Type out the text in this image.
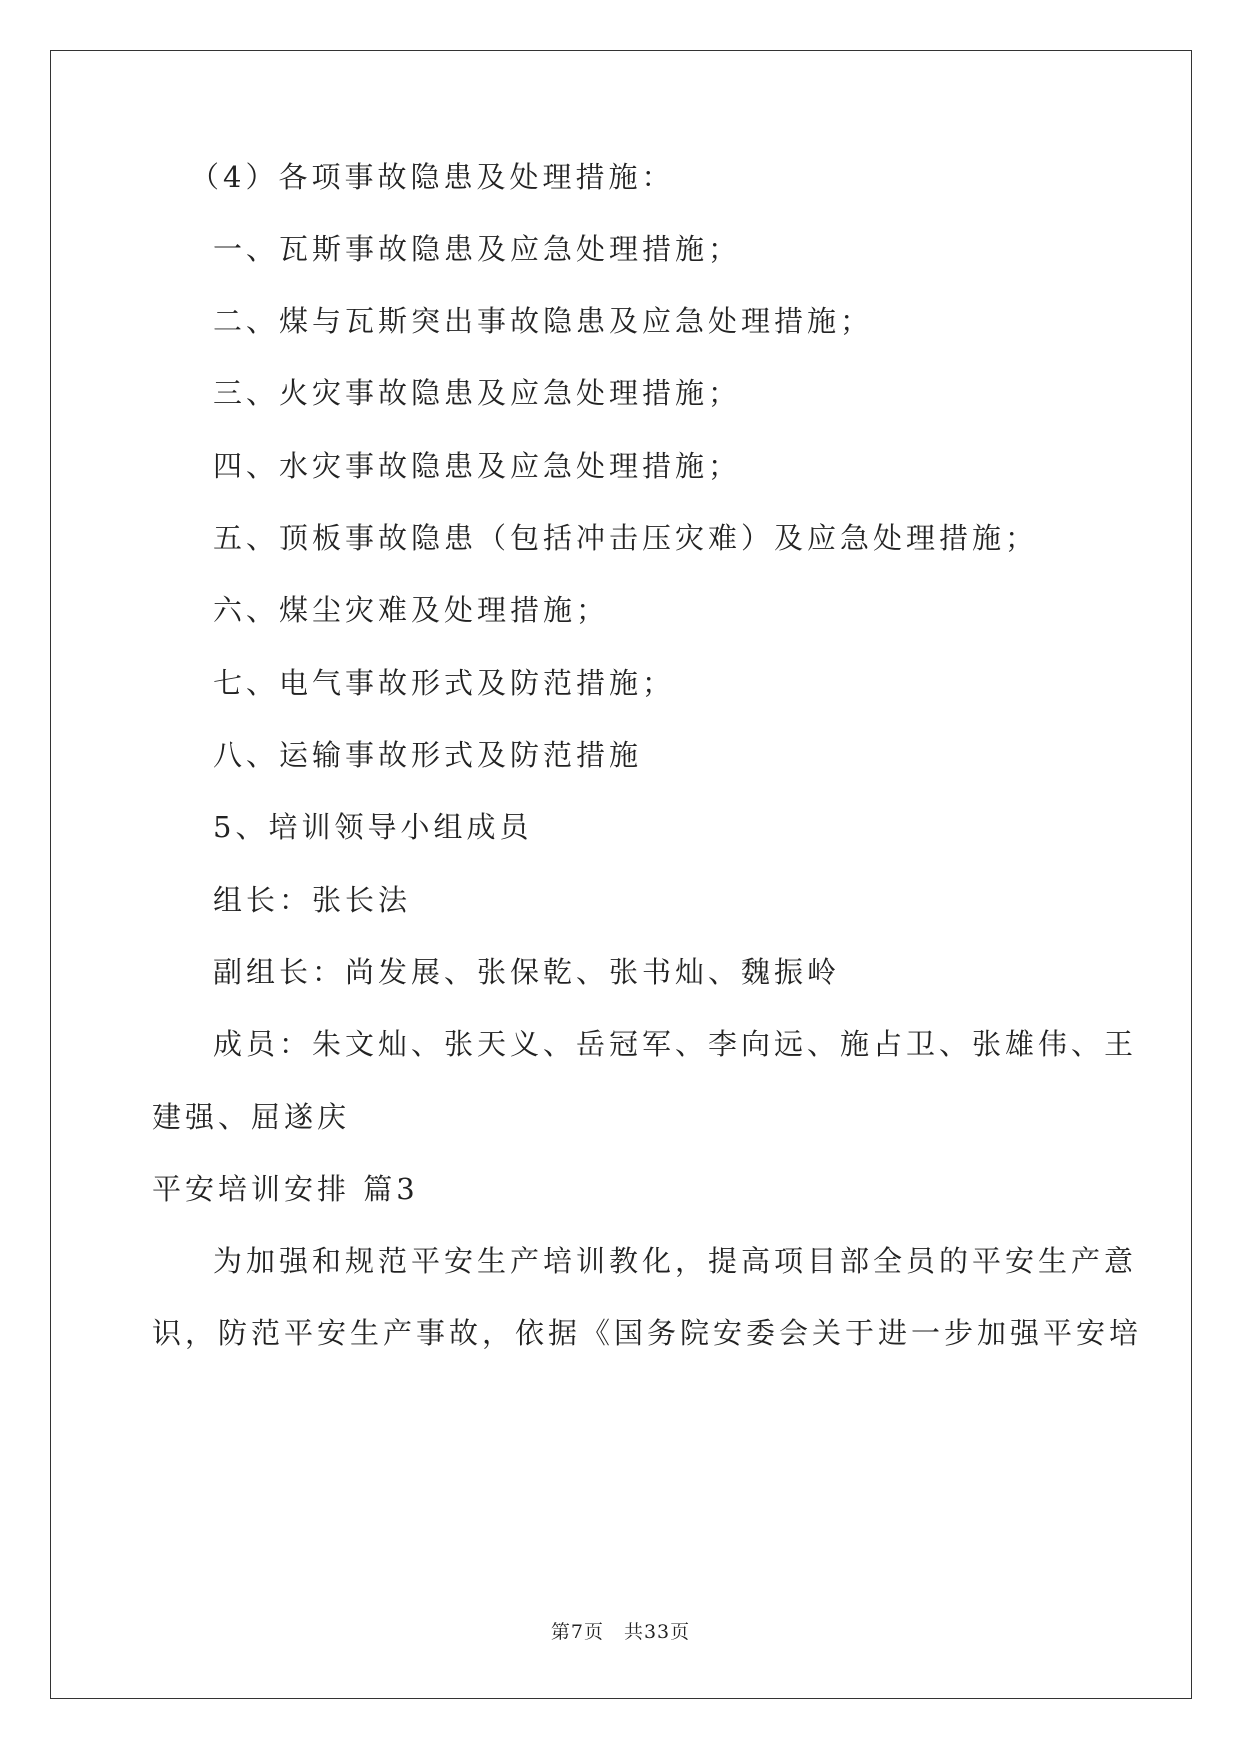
（4）各项事故隐患及处理措施：
一、瓦斯事故隐患及应急处理措施；
二、煤与瓦斯突出事故隐患及应急处理措施；
三、火灾事故隐患及应急处理措施；
四、水灾事故隐患及应急处理措施；
五、顶板事故隐患（包括冲击压灾难）及应急处理措施；
六、煤尘灾难及处理措施；
七、电气事故形式及防范措施；
八、运输事故形式及防范措施
5、培训领导小组成员
组长：张长法
副组长：尚发展、张保乾、张书灿、魏振岭
成员：朱文灿、张天义、岳冠军、李向远、施占卫、张雄伟、王
建强、屈遂庆
平安培训安排 篇3
为加强和规范平安生产培训教化，提高项目部全员的平安生产意
识，防范平安生产事故，依据《国务院安委会关于进一步加强平安培
第7页　共33页
